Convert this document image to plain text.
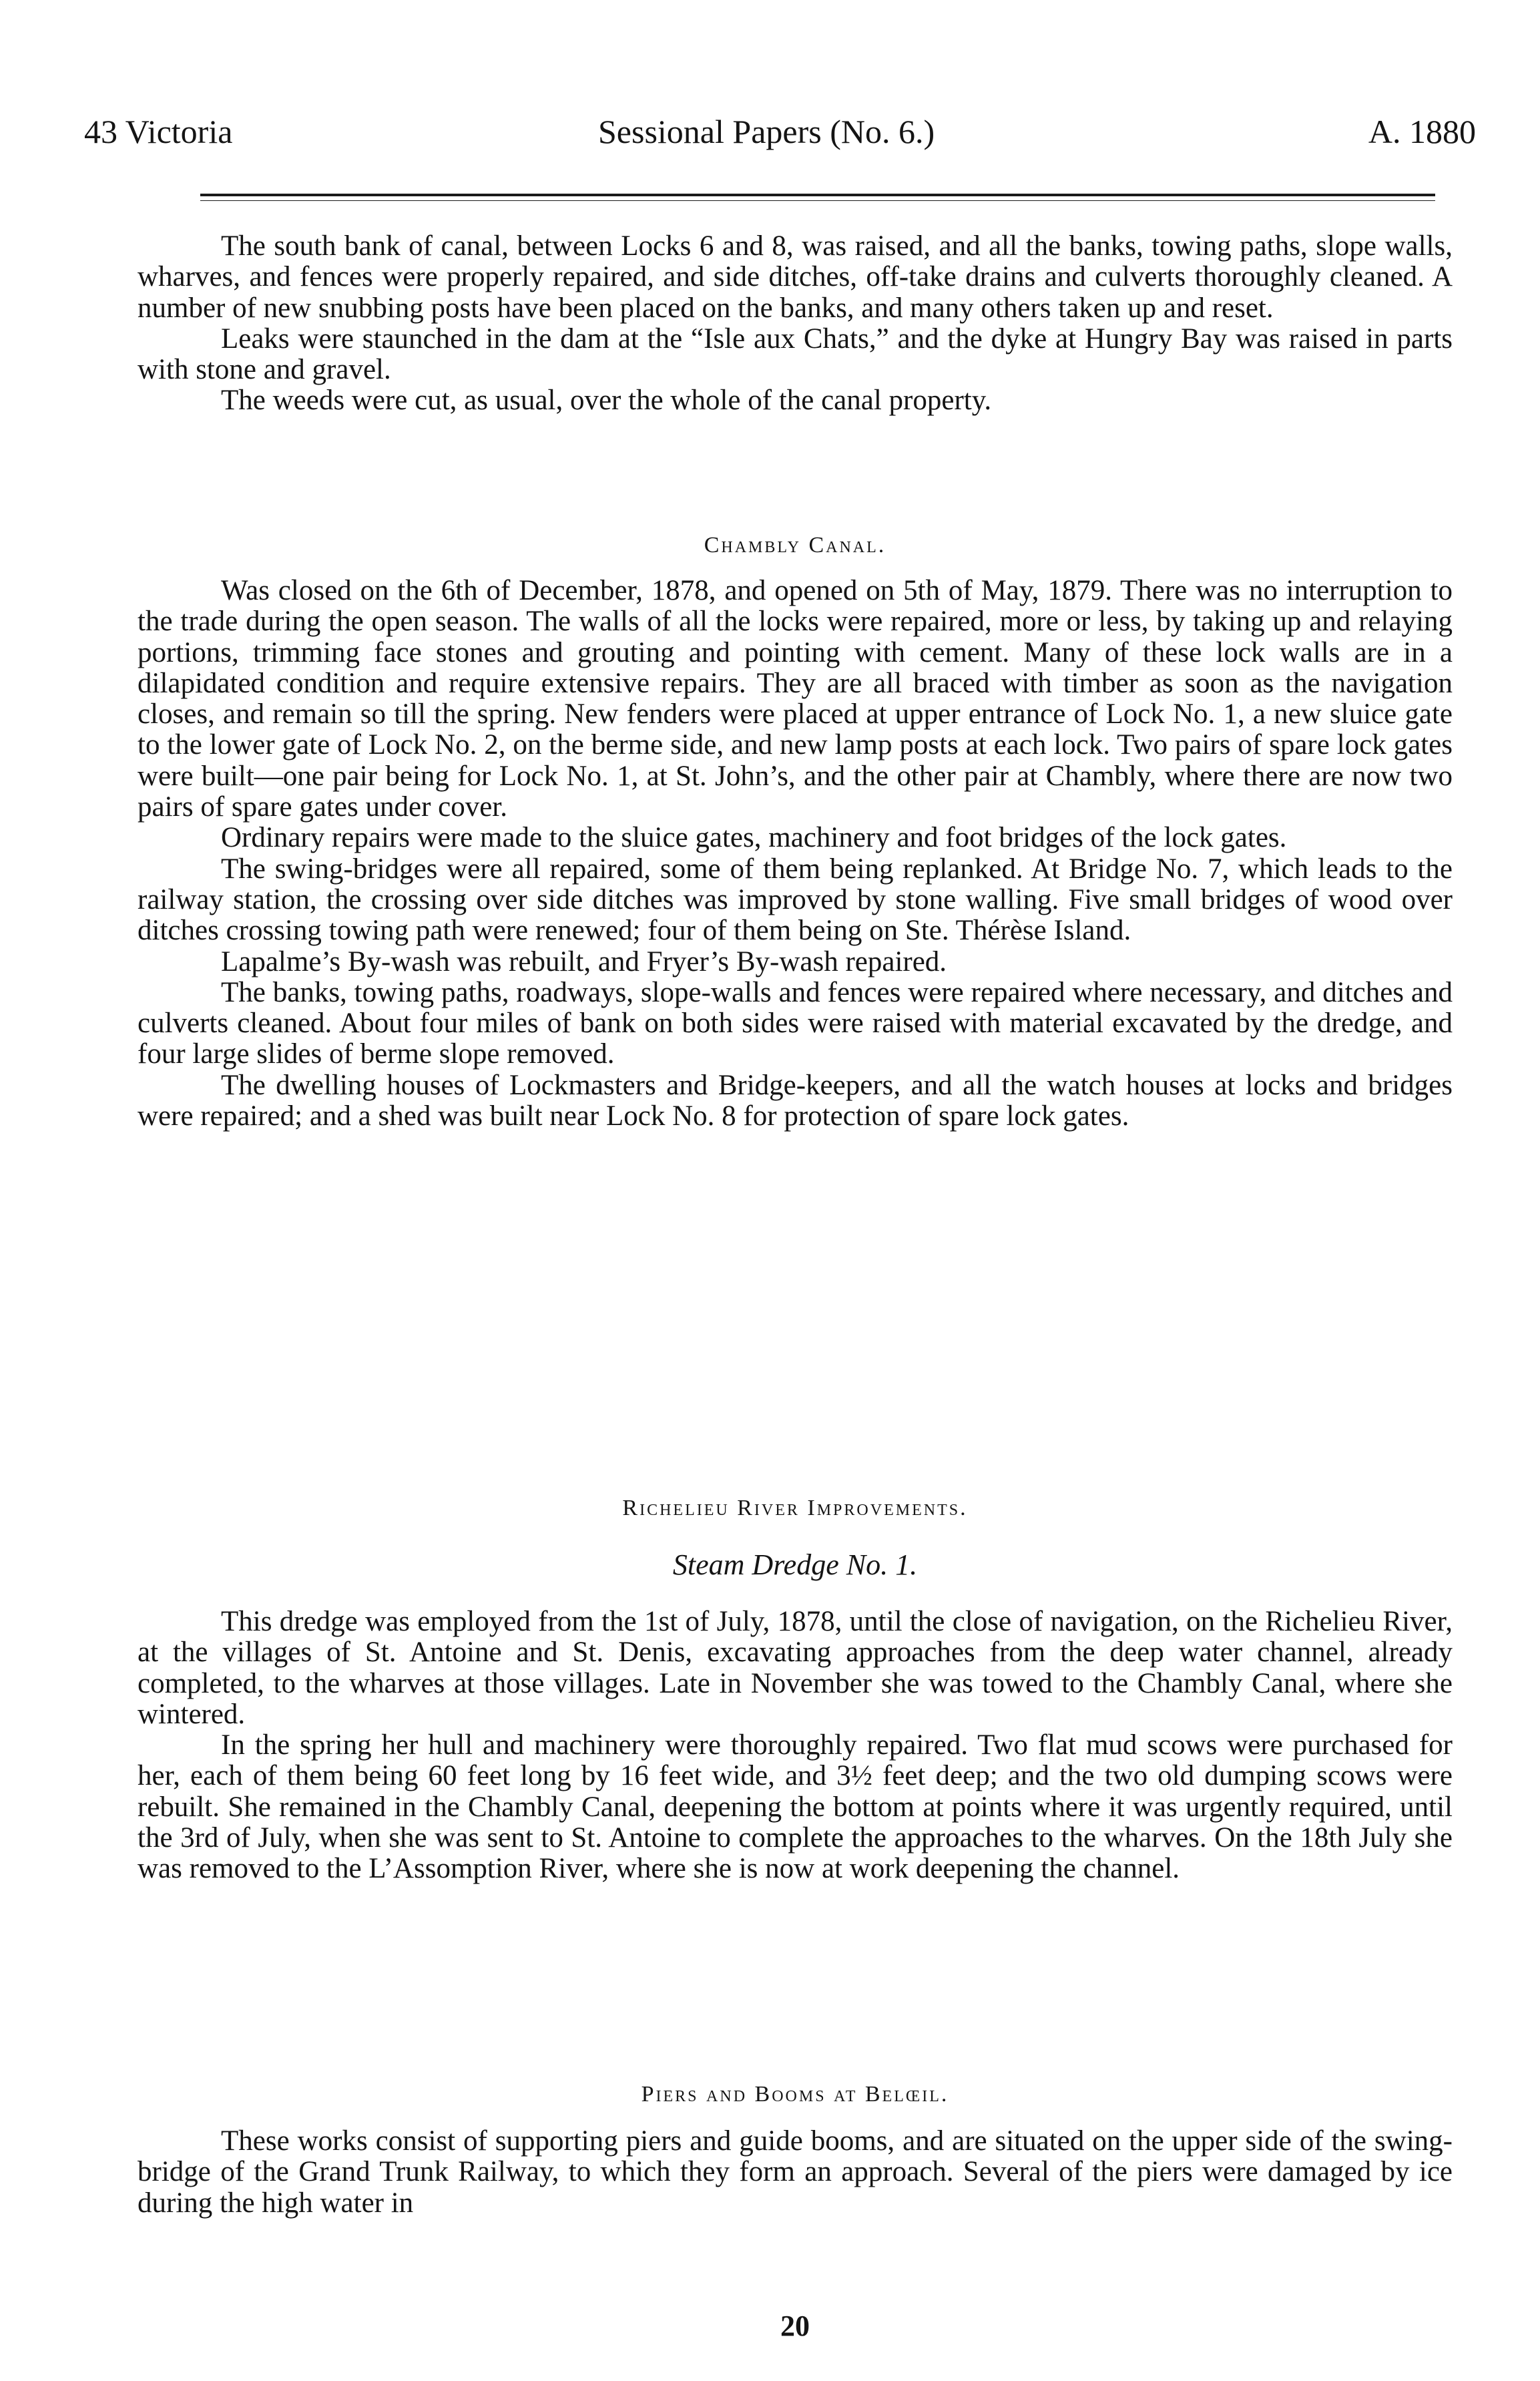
43 Victoria	Sessional Papers (No. 6.)	A. 1880

The south bank of canal, between Locks 6 and 8, was raised, and all the banks, towing paths, slope walls, wharves, and fences were properly repaired, and side ditches, off-take drains and culverts thoroughly cleaned. A number of new snubbing posts have been placed on the banks, and many others taken up and reset.

Leaks were staunched in the dam at the “Isle aux Chats,” and the dyke at Hungry Bay was raised in parts with stone and gravel.

The weeds were cut, as usual, over the whole of the canal property.

Chambly Canal.

Was closed on the 6th of December, 1878, and opened on 5th of May, 1879. There was no interruption to the trade during the open season. The walls of all the locks were repaired, more or less, by taking up and relaying portions, trimming face stones and grouting and pointing with cement. Many of these lock walls are in a dilapidated condition and require extensive repairs. They are all braced with timber as soon as the navigation closes, and remain so till the spring. New fenders were placed at upper entrance of Lock No. 1, a new sluice gate to the lower gate of Lock No. 2, on the berme side, and new lamp posts at each lock. Two pairs of spare lock gates were built—one pair being for Lock No. 1, at St. John’s, and the other pair at Chambly, where there are now two pairs of spare gates under cover.

Ordinary repairs were made to the sluice gates, machinery and foot bridges of the lock gates.

The swing-bridges were all repaired, some of them being replanked. At Bridge No. 7, which leads to the railway station, the crossing over side ditches was improved by stone walling. Five small bridges of wood over ditches crossing towing path were renewed; four of them being on Ste. Thérèse Island.

Lapalme’s By-wash was rebuilt, and Fryer’s By-wash repaired.

The banks, towing paths, roadways, slope-walls and fences were repaired where necessary, and ditches and culverts cleaned. About four miles of bank on both sides were raised with material excavated by the dredge, and four large slides of berme slope removed.

The dwelling houses of Lockmasters and Bridge-keepers, and all the watch houses at locks and bridges were repaired; and a shed was built near Lock No. 8 for protection of spare lock gates.

Richelieu River Improvements.
Steam Dredge No. 1.

This dredge was employed from the 1st of July, 1878, until the close of navigation, on the Richelieu River, at the villages of St. Antoine and St. Denis, excavating approaches from the deep water channel, already completed, to the wharves at those villages. Late in November she was towed to the Chambly Canal, where she wintered.

In the spring her hull and machinery were thoroughly repaired. Two flat mud scows were purchased for her, each of them being 60 feet long by 16 feet wide, and 3½ feet deep; and the two old dumping scows were rebuilt. She remained in the Chambly Canal, deepening the bottom at points where it was urgently required, until the 3rd of July, when she was sent to St. Antoine to complete the approaches to the wharves. On the 18th July she was removed to the L’Assomption River, where she is now at work deepening the channel.

Piers and Booms at Belœil.

These works consist of supporting piers and guide booms, and are situated on the upper side of the swing-bridge of the Grand Trunk Railway, to which they form an approach. Several of the piers were damaged by ice during the high water in

20
